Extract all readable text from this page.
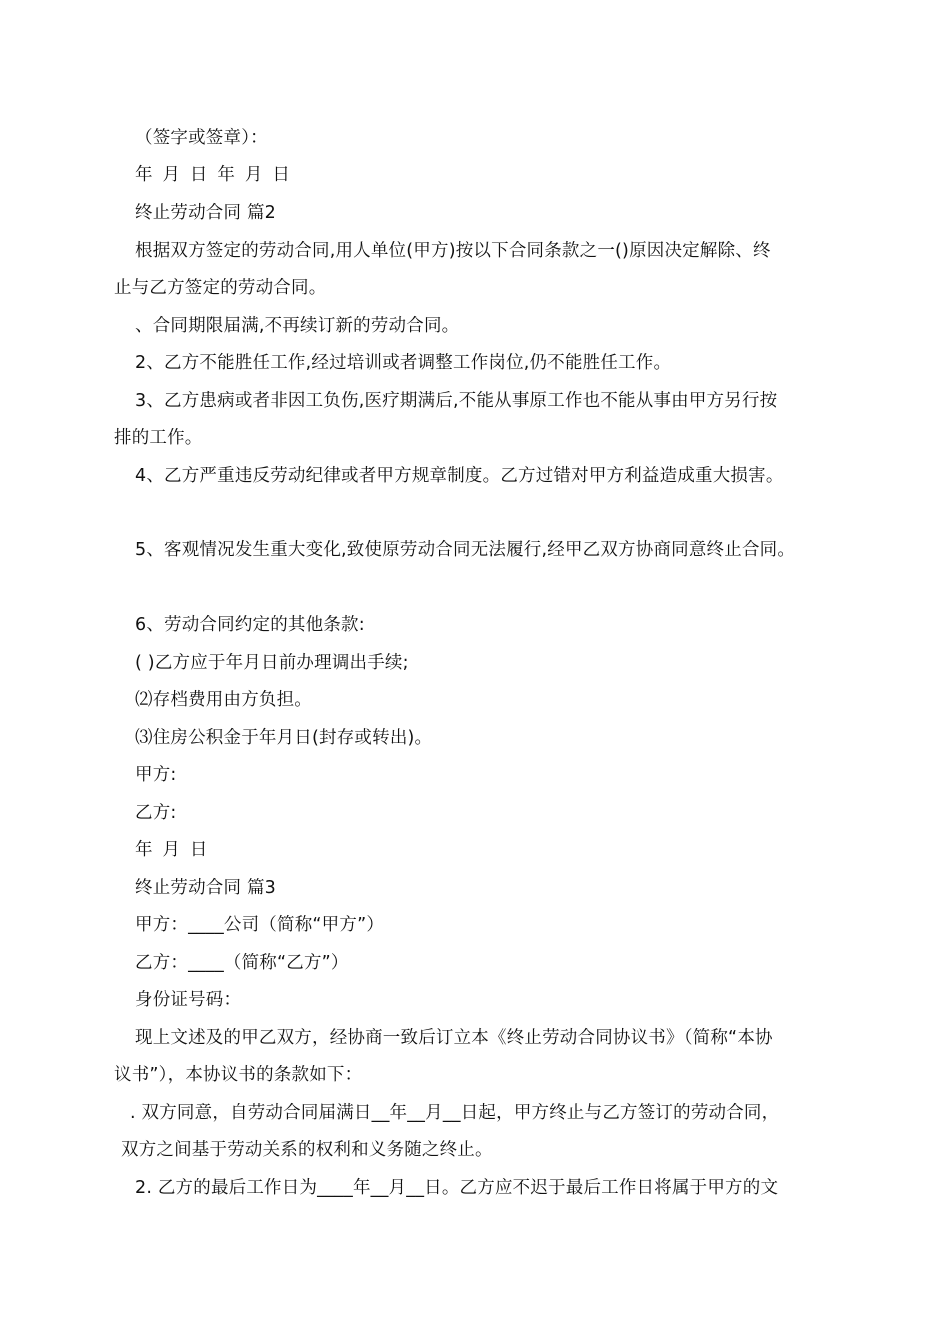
（签字或签章）：
年 月 日 年 月 日
终止劳动合同 篇2
根据双方签定的劳动合同,用人单位(甲方)按以下合同条款之一()原因决定解除、终
止与乙方签定的劳动合同。
、合同期限届满,不再续订新的劳动合同。
2、乙方不能胜任工作,经过培训或者调整工作岗位,仍不能胜任工作。
3、乙方患病或者非因工负伤,医疗期满后,不能从事原工作也不能从事由甲方另行按
排的工作。
4、乙方严重违反劳动纪律或者甲方规章制度。乙方过错对甲方利益造成重大损害。
5、客观情况发生重大变化,致使原劳动合同无法履行,经甲乙双方协商同意终止合同。
6、劳动合同约定的其他条款:
( )乙方应于年月日前办理调出手续;
⑵存档费用由方负担。
⑶住房公积金于年月日(封存或转出)。
甲方:
乙方:
年 月 日
终止劳动合同 篇3
甲方：____公司（简称“甲方”）
乙方：____（简称“乙方”）
身份证号码：
现上文述及的甲乙双方，经协商一致后订立本《终止劳动合同协议书》（简称“本协
议书”），本协议书的条款如下：
. 双方同意，自劳动合同届满日__年__月__日起，甲方终止与乙方签订的劳动合同，
双方之间基于劳动关系的权利和义务随之终止。
2. 乙方的最后工作日为____年__月__日。乙方应不迟于最后工作日将属于甲方的文
